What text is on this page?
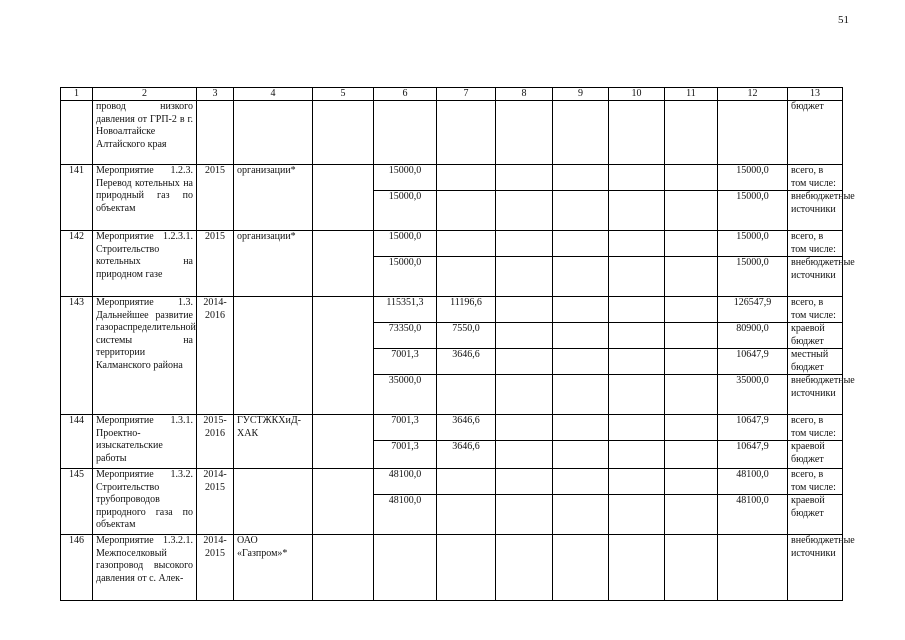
51
1	2	3	4	5	6	7	8	9	10	11	12	13
	провод низкого давления от ГРП-2 в г. Новоалтайске Алтайского края											бюджет
141	Мероприятие 1.2.3. Перевод котельных на природный газ по объектам	2015	организации*		15000,0						15000,0	всего, в том числе:
					15000,0						15000,0	внебюджетные источники
142	Мероприятие 1.2.3.1. Строительство котельных на природном газе	2015	организации*		15000,0						15000,0	всего, в том числе:
					15000,0						15000,0	внебюджетные источники
143	Мероприятие 1.3. Дальнейшее развитие газораспределительной системы на территории Калманского района	2014-2016			115351,3	11196,6					126547,9	всего, в том числе:
					73350,0	7550,0					80900,0	краевой бюджет
					7001,3	3646,6					10647,9	местный бюджет
					35000,0						35000,0	внебюджетные источники
144	Мероприятие 1.3.1. Проектно-изыскательские работы	2015-2016	ГУСТЖКХиД-ХАК		7001,3	3646,6					10647,9	всего, в том числе:
					7001,3	3646,6					10647,9	краевой бюджет
145	Мероприятие 1.3.2. Строительство трубопроводов природного газа по объектам	2014-2015			48100,0						48100,0	всего, в том числе:
					48100,0						48100,0	краевой бюджет
146	Мероприятие 1.3.2.1. Межпоселковый газопровод высокого давления от с. Алек-	2014-2015	ОАО «Газпром»*									внебюджетные источники
